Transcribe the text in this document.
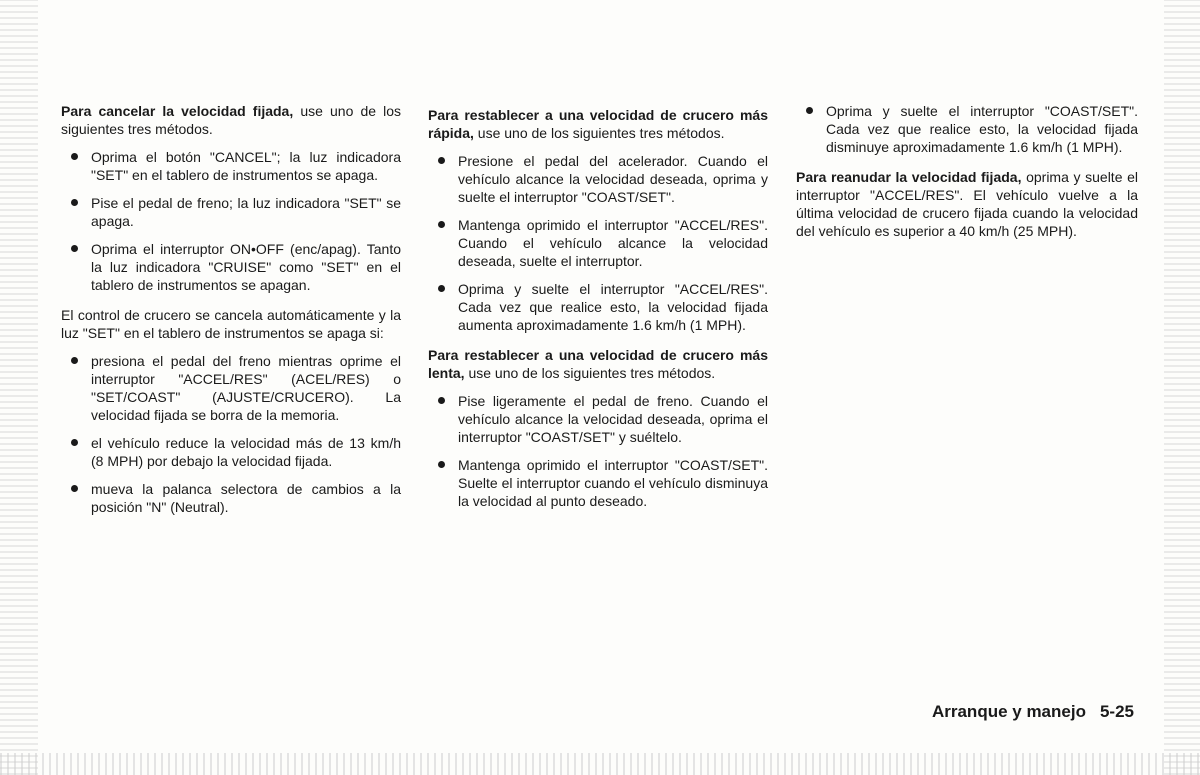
Para cancelar la velocidad fijada, use uno de los siguientes tres métodos.

Oprima el botón "CANCEL"; la luz indicadora "SET" en el tablero de instrumentos se apaga.
Pise el pedal de freno; la luz indicadora "SET" se apaga.
Oprima el interruptor ON•OFF (enc/apag). Tanto la luz indicadora "CRUISE" como "SET" en el tablero de instrumentos se apagan.

El control de crucero se cancela automáticamente y la luz "SET" en el tablero de instrumentos se apaga si:

presiona el pedal del freno mientras oprime el interruptor "ACCEL/RES" (ACEL/RES) o "SET/COAST" (AJUSTE/CRUCERO). La velocidad fijada se borra de la memoria.
el vehículo reduce la velocidad más de 13 km/h (8 MPH) por debajo la velocidad fijada.
mueva la palanca selectora de cambios a la posición "N" (Neutral).

Para restablecer a una velocidad de crucero más rápida, use uno de los siguientes tres métodos.

Presione el pedal del acelerador. Cuando el vehículo alcance la velocidad deseada, oprima y suelte el interruptor "COAST/SET".
Mantenga oprimido el interruptor "ACCEL/RES". Cuando el vehículo alcance la velocidad deseada, suelte el interruptor.
Oprima y suelte el interruptor "ACCEL/RES". Cada vez que realice esto, la velocidad fijada aumenta aproximadamente 1.6 km/h (1 MPH).

Para restablecer a una velocidad de crucero más lenta, use uno de los siguientes tres métodos.

Pise ligeramente el pedal de freno. Cuando el vehículo alcance la velocidad deseada, oprima el interruptor "COAST/SET" y suéltelo.
Mantenga oprimido el interruptor "COAST/SET". Suelte el interruptor cuando el vehículo disminuya la velocidad al punto deseado.
Oprima y suelte el interruptor "COAST/SET". Cada vez que realice esto, la velocidad fijada disminuye aproximadamente 1.6 km/h (1 MPH).

Para reanudar la velocidad fijada, oprima y suelte el interruptor "ACCEL/RES". El vehículo vuelve a la última velocidad de crucero fijada cuando la velocidad del vehículo es superior a 40 km/h (25 MPH).

Arranque y manejo 5-25
